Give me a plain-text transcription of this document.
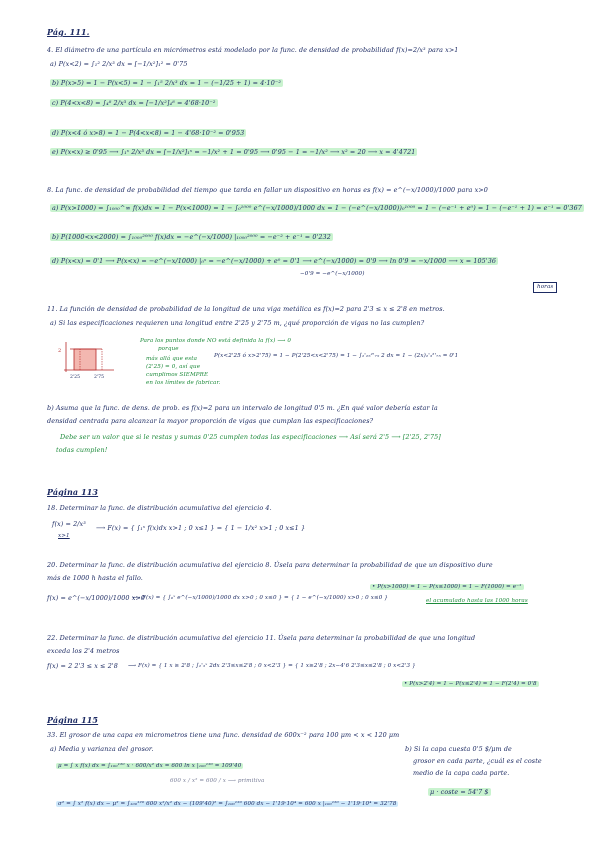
Pág. 111.
4. El diámetro de una partícula en micrómetros está modelado por la func. de densidad de probabilidad f(x)=2/x³ para x>1
a) P(x<2) = ∫₁² 2/x³ dx = [−1/x²]₁² = 0'75
b) P(x>5) = 1 − P(x<5) = 1 − ∫₁⁵ 2/x³ dx = 1 − (−1/25 + 1) = 4·10⁻²
c) P(4<x<8) = ∫₄⁸ 2/x³ dx = [−1/x²]₄⁸ = 4'68·10⁻²
d) P(x<4 ó x>8) = 1 − P(4<x<8) = 1 − 4'68·10⁻² = 0'953
e) P(x<x) ≥ 0'95 ⟶ ∫₁ˣ 2/x³ dx = [−1/x²]₁ˣ = −1/x² + 1 = 0'95 ⟶ 0'95 − 1 = −1/x² ⟶ x² = 20 ⟶ x = 4'4721
8. La func. de densidad de probabilidad del tiempo que tarda en fallar un dispositivo en horas es f(x) = e^(−x/1000)/1000 para x>0
a) P(x>1000) = ∫₁₀₀₀^∞ f(x)dx = 1 − P(x<1000) = 1 − ∫₀¹⁰⁰⁰ e^(−x/1000)/1000 dx = 1 − (−e^(−x/1000))₀¹⁰⁰⁰ = 1 − (−e⁻¹ + e⁰) = 1 − (−e⁻¹ + 1) = e⁻¹ = 0'367
b) P(1000<x<2000) = ∫₁₀₀₀²⁰⁰⁰ f(x)dx = −e^(−x/1000) |₁₀₀₀²⁰⁰⁰ = −e⁻² + e⁻¹ = 0'232
d) P(x<x) = 0'1 ⟶ P(x<x) = −e^(−x/1000) |₀ˣ = −e^(−x/1000) + e⁰ = 0'1 ⟶ e^(−x/1000) = 0'9 ⟶ ln 0'9 = −x/1000 ⟶ x = 105'36
−0'9 = −e^(−x/1000)
horas
11. La función de densidad de probabilidad de la longitud de una viga metálica es f(x)=2 para 2'3 ≤ x ≤ 2'8 en metros.
a) Si las especificaciones requieren una longitud entre 2'25 y 2'75 m, ¿qué proporción de vigas no las cumplen?
2
2'25	2'75
Para los puntos donde NO está definida la f(x) ⟶ 0
porque
más allá que esta
(2'25) = 0, así que
cumplimos SIEMPRE
en los límites de fabricar.
P(x<2'25 ó x>2'75) = 1 − P(2'25<x<2'75) = 1 − ∫₂'₂₅²'₇₅ 2 dx = 1 − (2x)₂'₃²'₇₅ = 0'1
b) Asuma que la func. de dens. de prob. es f(x)=2 para un intervalo de longitud 0'5 m. ¿En qué valor debería estar la
densidad centrada para alcanzar la mayor proporción de vigas que cumplan las especificaciones?
Debe ser un valor que si le restas y sumas 0'25 cumplen todas las especificaciones ⟶ Así será 2'5 ⟶ [2'25, 2'75]
todas cumplen!
Página 113
18. Determinar la func. de distribución acumulativa del ejercicio 4.
f(x) = 2/x³
x>1
⟶ F(x) = { ∫₁ˣ f(x)dx x>1 ; 0 x≤1 } = { 1 − 1/x² x>1 ; 0 x≤1 }
20. Determinar la func. de distribución acumulativa del ejercicio 8. Úsela para determinar la probabilidad de que un dispositivo dure
más de 1000 h hasta el fallo.
f(x) = e^(−x/1000)/1000 x>0
⟶ F(x) = { ∫₀ˣ e^(−x/1000)/1000 dx x>0 ; 0 x≤0 } = { 1 − e^(−x/1000) x>0 ; 0 x≤0 }
• P(x>1000) = 1 − P(x≤1000) = 1 − F(1000) = e⁻¹
el acumulado hasta las 1000 horas
22. Determinar la func. de distribución acumulativa del ejercicio 11. Úsela para determinar la probabilidad de que una longitud
exceda los 2'4 metros
f(x) = 2 2'3 ≤ x ≤ 2'8 ⟶ F(x) = { 1 x ≥ 2'8 ; ∫₂'₃ˣ 2dx 2'3≤x≤2'8 ; 0 x<2'3 } = { 1 x≥2'8 ; 2x−4'6 2'3≤x≤2'8 ; 0 x<2'3 }
• P(x>2'4) = 1 − P(x≤2'4) = 1 − F(2'4) = 0'8
Página 115
33. El grosor de una capa en micrometros tiene una func. densidad de 600x⁻² para 100 μm < x < 120 μm
a) Media y varianza del grosor.
μ = ∫ x f(x) dx = ∫₁₀₀¹²⁰ x · 600/x² dx = 600 ln x |₁₀₀¹²⁰ = 109'40
600 x / x² = 600 / x ⟶ primitiva
σ² = ∫ x² f(x) dx − μ² = ∫₁₀₀¹²⁰ 600 x²/x² dx − (109'40)² = ∫₁₀₀¹²⁰ 600 dx − 1'19·10⁴ = 600 x |₁₀₀¹²⁰ − 1'19·10⁴ = 32'78
b) Si la capa cuesta 0'5 $/μm de
grosor en cada parte, ¿cuál es el coste
medio de la capa cada parte.
μ · coste = 54'7 $
